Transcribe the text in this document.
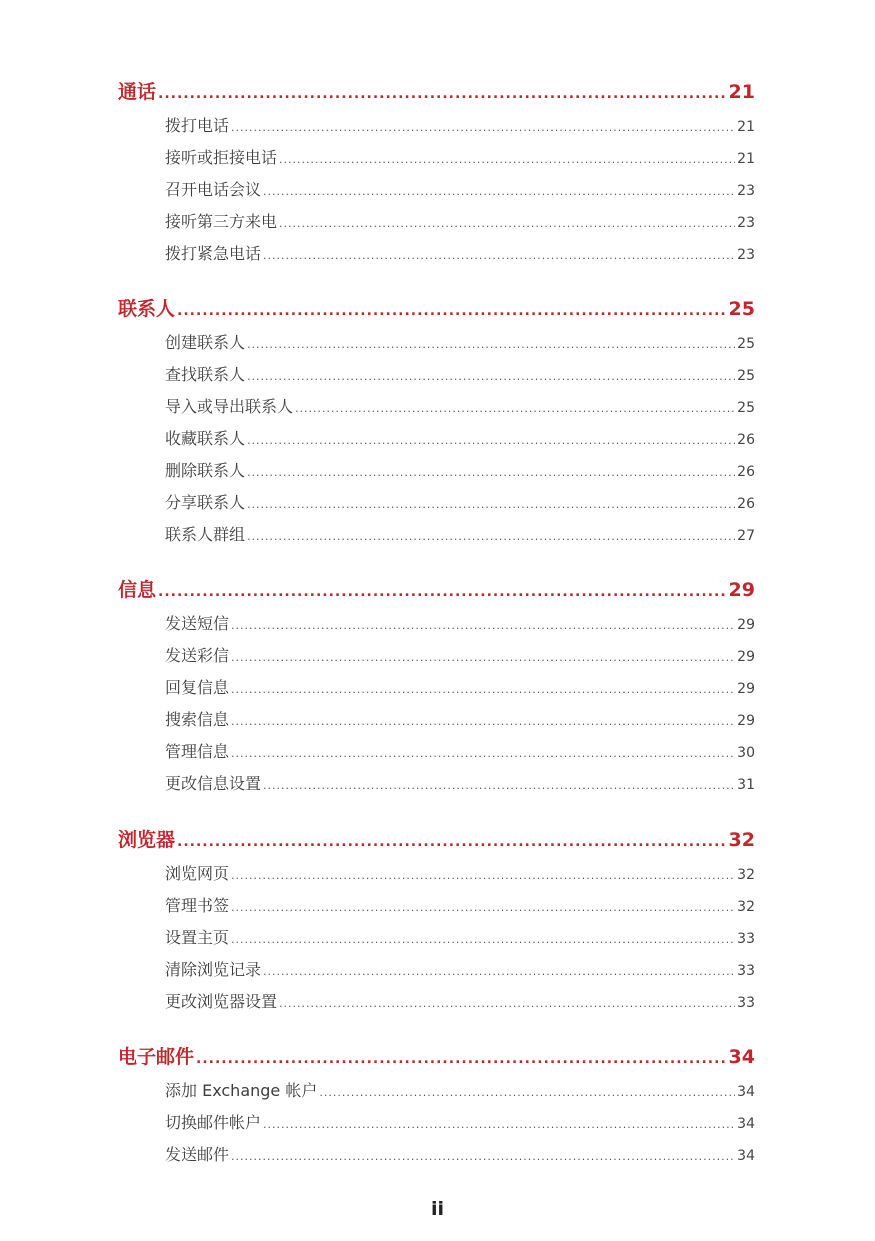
通话 .....	21
拨打电话 .....	21
接听或拒接电话 .....	21
召开电话会议 .....	23
接听第三方来电 .....	23
拨打紧急电话 .....	23
联系人 .....	25
创建联系人 .....	25
查找联系人 .....	25
导入或导出联系人 .....	25
收藏联系人 .....	26
删除联系人 .....	26
分享联系人 .....	26
联系人群组 .....	27
信息 .....	29
发送短信 .....	29
发送彩信 .....	29
回复信息 .....	29
搜索信息 .....	29
管理信息 .....	30
更改信息设置 .....	31
浏览器 .....	32
浏览网页 .....	32
管理书签 .....	32
设置主页 .....	33
清除浏览记录 .....	33
更改浏览器设置 .....	33
电子邮件 .....	34
添加 Exchange 帐户 .....	34
切换邮件帐户 .....	34
发送邮件 .....	34
ii
